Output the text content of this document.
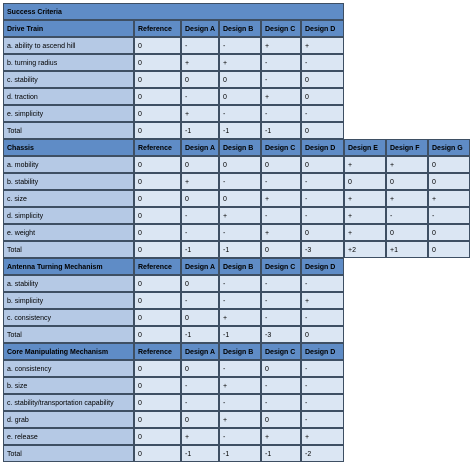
Success Criteria
Drive Train	Reference	Design A	Design B	Design C	Design D
a. ability to ascend hill	0	-	-	+	+
b. turning radius	0	+	+	-	-
c. stability	0	0	0	-	0
d. traction	0	-	0	+	0
e. simplicity	0	+	-	-	-
Total	0	-1	-1	-1	0
Chassis	Reference	Design A	Design B	Design C	Design D	Design E	Design F	Design G
a. mobility	0	0	0	0	0	+	+	0
b. stability	0	+	-	-	-	0	0	0
c. size	0	0	0	+	-	+	+	+
d. simplicity	0	-	+	-	-	+	-	-
e. weight	0	-	-	+	0	+	0	0
Total	0	-1	-1	0	-3	+2	+1	0
Antenna Turning Mechanism	Reference	Design A	Design B	Design C	Design D
a. stability	0	0	-	-	-
b. simplicity	0	-	-	-	+
c. consistency	0	0	+	-	-
Total	0	-1	-1	-3	0
Core Manipulating Mechanism	Reference	Design A	Design B	Design C	Design D
a. consistency	0	0	-	0	-
b. size	0	-	+	-	-
c. stability/transportation capability	0	-	-	-	-
d. grab	0	0	+	0	-
e. release	0	+	-	+	+
Total	0	-1	-1	-1	-2
